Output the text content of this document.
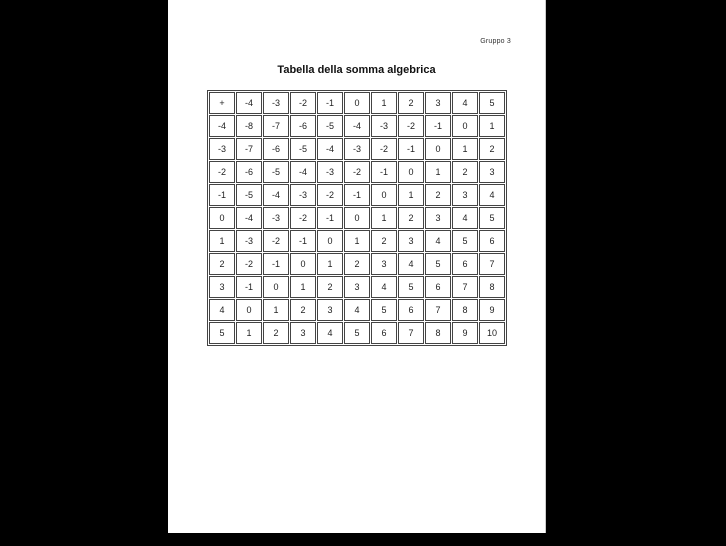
Gruppo 3
Tabella della somma algebrica
+	-4	-3	-2	-1	0	1	2	3	4	5
-4	-8	-7	-6	-5	-4	-3	-2	-1	0	1
-3	-7	-6	-5	-4	-3	-2	-1	0	1	2
-2	-6	-5	-4	-3	-2	-1	0	1	2	3
-1	-5	-4	-3	-2	-1	0	1	2	3	4
0	-4	-3	-2	-1	0	1	2	3	4	5
1	-3	-2	-1	0	1	2	3	4	5	6
2	-2	-1	0	1	2	3	4	5	6	7
3	-1	0	1	2	3	4	5	6	7	8
4	0	1	2	3	4	5	6	7	8	9
5	1	2	3	4	5	6	7	8	9	10
